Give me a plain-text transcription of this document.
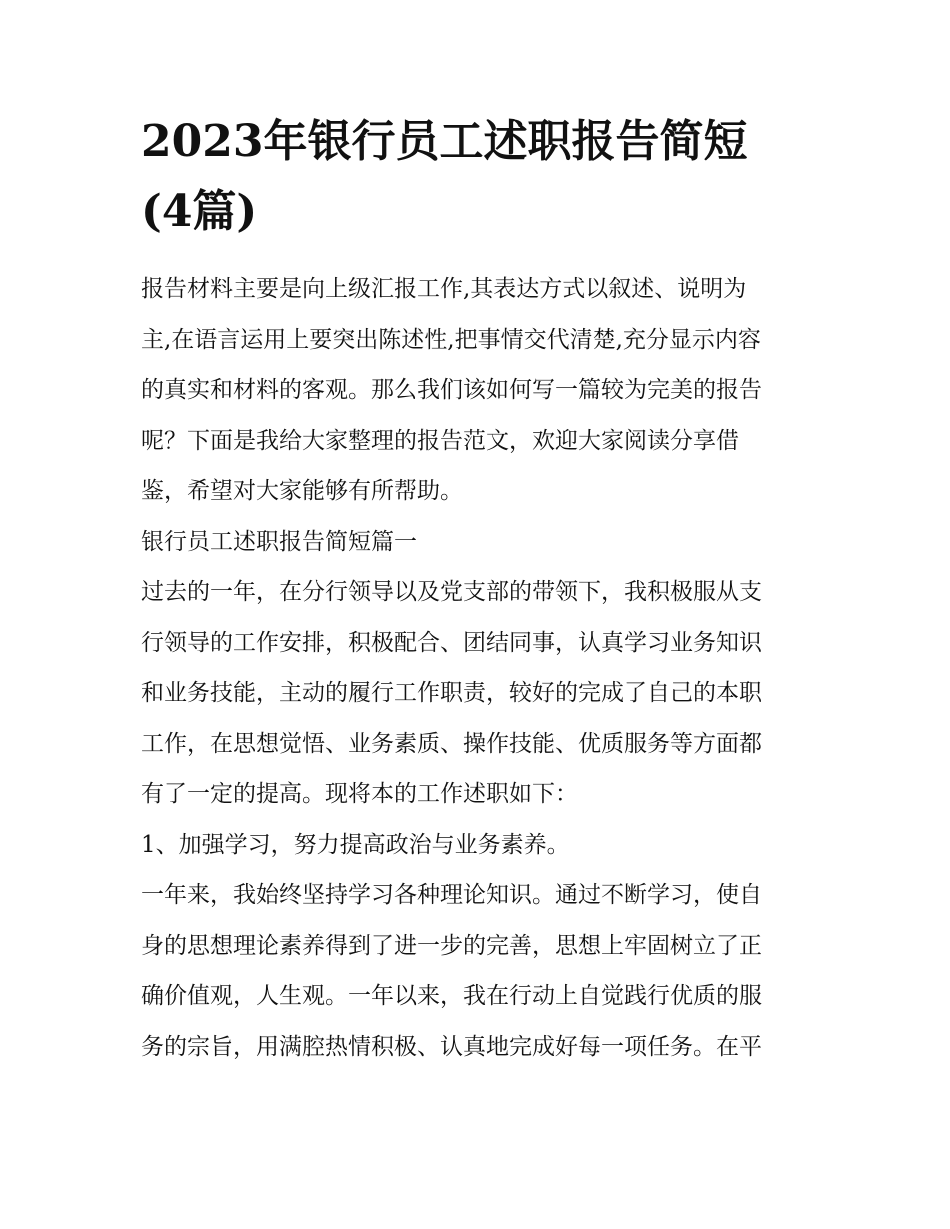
2023年银行员工述职报告简短
(4篇)
报告材料主要是向上级汇报工作,其表达方式以叙述、说明为
主,在语言运用上要突出陈述性,把事情交代清楚,充分显示内容
的真实和材料的客观。那么我们该如何写一篇较为完美的报告
呢？下面是我给大家整理的报告范文，欢迎大家阅读分享借
鉴，希望对大家能够有所帮助。
银行员工述职报告简短篇一
过去的一年，在分行领导以及党支部的带领下，我积极服从支
行领导的工作安排，积极配合、团结同事，认真学习业务知识
和业务技能，主动的履行工作职责，较好的完成了自己的本职
工作，在思想觉悟、业务素质、操作技能、优质服务等方面都
有了一定的提高。现将本的工作述职如下：
1、加强学习，努力提高政治与业务素养。
一年来，我始终坚持学习各种理论知识。通过不断学习，使自
身的思想理论素养得到了进一步的完善，思想上牢固树立了正
确价值观，人生观。一年以来，我在行动上自觉践行优质的服
务的宗旨，用满腔热情积极、认真地完成好每一项任务。在平
